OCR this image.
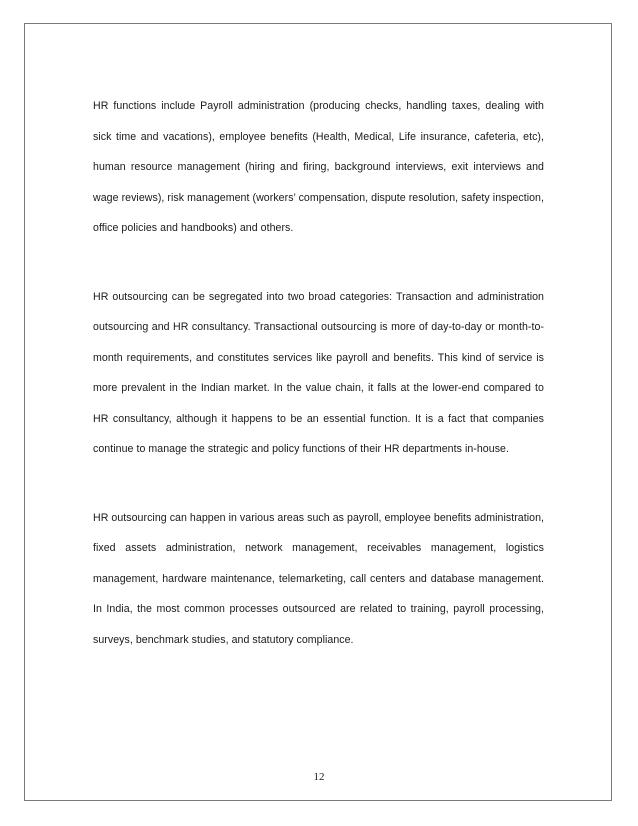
HR functions include Payroll administration (producing checks, handling taxes, dealing with sick time and vacations), employee benefits (Health, Medical, Life insurance, cafeteria, etc), human resource management (hiring and firing, background interviews, exit interviews and wage reviews), risk management (workers’ compensation, dispute resolution, safety inspection, office policies and handbooks) and others.

HR outsourcing can be segregated into two broad categories: Transaction and administration outsourcing and HR consultancy. Transactional outsourcing is more of day-to-day or month-to-month requirements, and constitutes services like payroll and benefits. This kind of service is more prevalent in the Indian market. In the value chain, it falls at the lower-end compared to HR consultancy, although it happens to be an essential function. It is a fact that companies continue to manage the strategic and policy functions of their HR departments in-house.

HR outsourcing can happen in various areas such as payroll, employee benefits administration, fixed assets administration, network management, receivables management, logistics management, hardware maintenance, telemarketing, call centers and database management. In India, the most common processes outsourced are related to training, payroll processing, surveys, benchmark studies, and statutory compliance.

12
